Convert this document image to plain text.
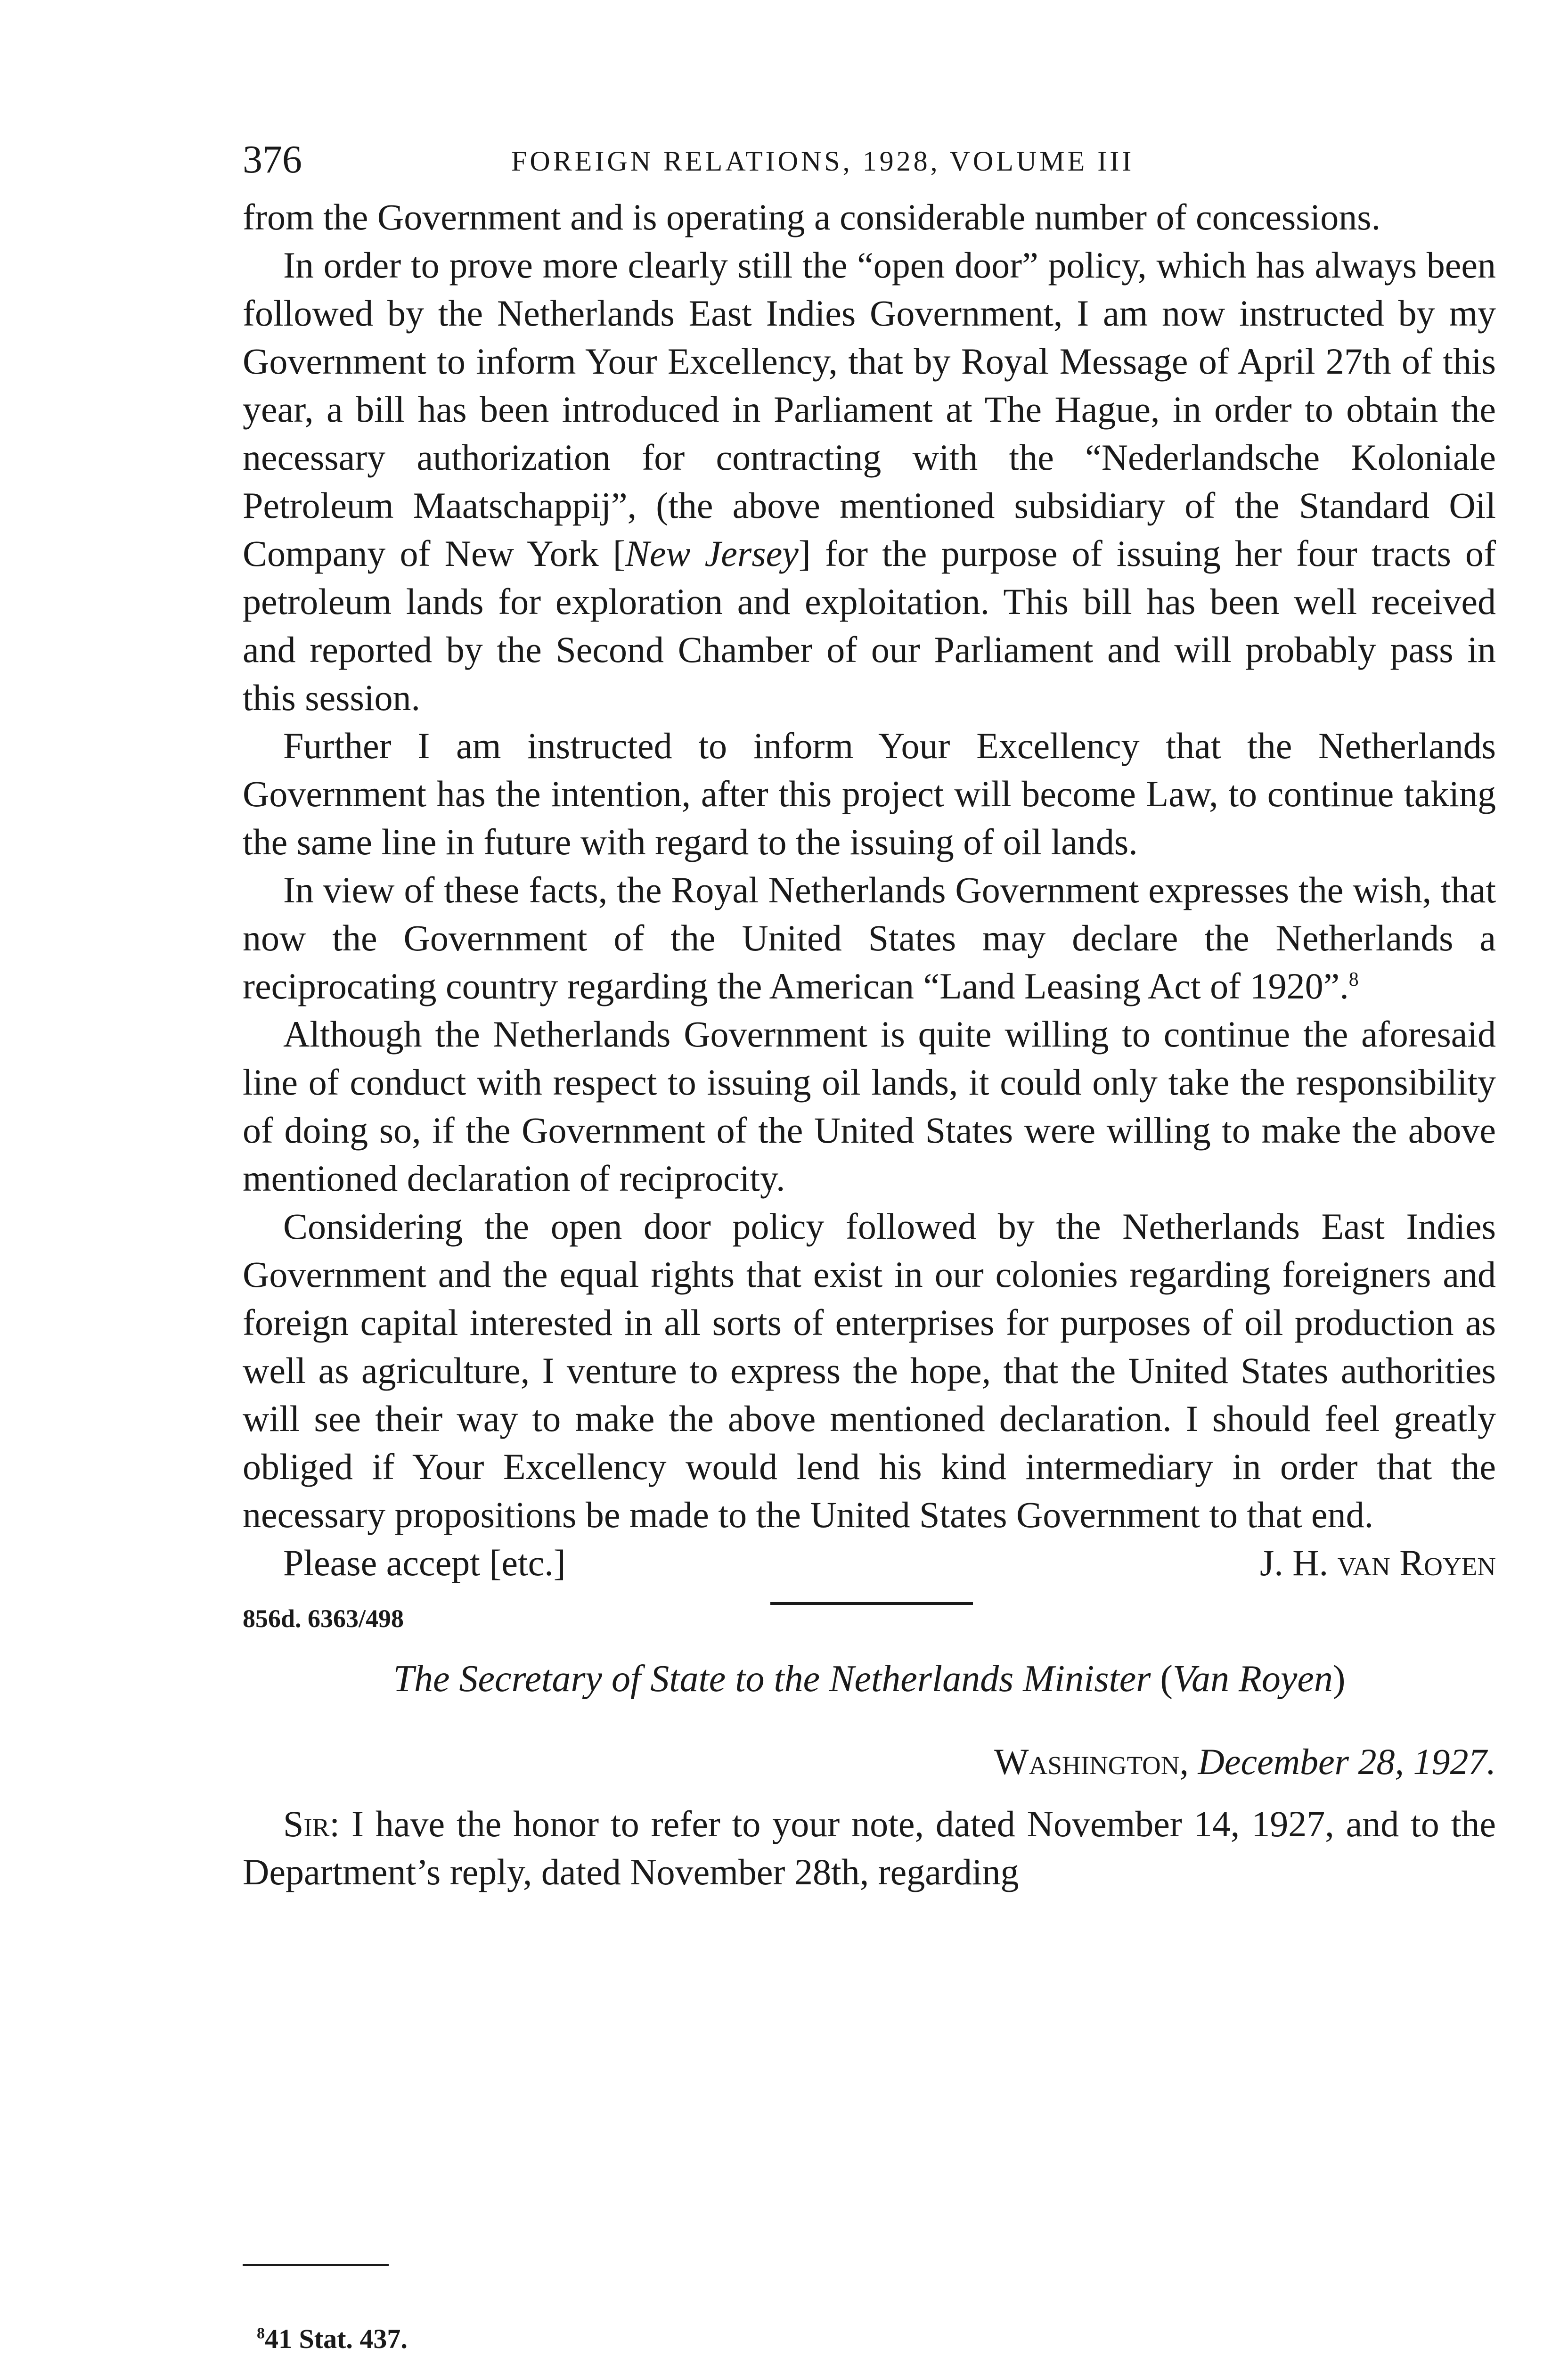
376	FOREIGN RELATIONS, 1928, VOLUME III

from the Government and is operating a considerable number of concessions.

In order to prove more clearly still the “open door” policy, which has always been followed by the Netherlands East Indies Government, I am now instructed by my Government to inform Your Excellency, that by Royal Message of April 27th of this year, a bill has been introduced in Parliament at The Hague, in order to obtain the necessary authorization for contracting with the “Nederlandsche Koloniale Petroleum Maatschappij”, (the above mentioned subsidiary of the Standard Oil Company of New York [New Jersey] for the purpose of issuing her four tracts of petroleum lands for exploration and exploitation. This bill has been well received and reported by the Second Chamber of our Parliament and will probably pass in this session.

Further I am instructed to inform Your Excellency that the Netherlands Government has the intention, after this project will become Law, to continue taking the same line in future with regard to the issuing of oil lands.

In view of these facts, the Royal Netherlands Government expresses the wish, that now the Government of the United States may declare the Netherlands a reciprocating country regarding the American “Land Leasing Act of 1920”.$^8$

Although the Netherlands Government is quite willing to continue the aforesaid line of conduct with respect to issuing oil lands, it could only take the responsibility of doing so, if the Government of the United States were willing to make the above mentioned declaration of reciprocity.

Considering the open door policy followed by the Netherlands East Indies Government and the equal rights that exist in our colonies regarding foreigners and foreign capital interested in all sorts of enterprises for purposes of oil production as well as agriculture, I venture to express the hope, that the United States authorities will see their way to make the above mentioned declaration. I should feel greatly obliged if Your Excellency would lend his kind intermediary in order that the necessary propositions be made to the United States Government to that end.

Please accept [etc.]	J. H. van Royen
856d. 6363/498
The Secretary of State to the Netherlands Minister (Van Royen)
Washington, December 28, 1927.

Sir: I have the honor to refer to your note, dated November 14, 1927, and to the Department’s reply, dated November 28th, regarding

$^8$41 Stat. 437.
